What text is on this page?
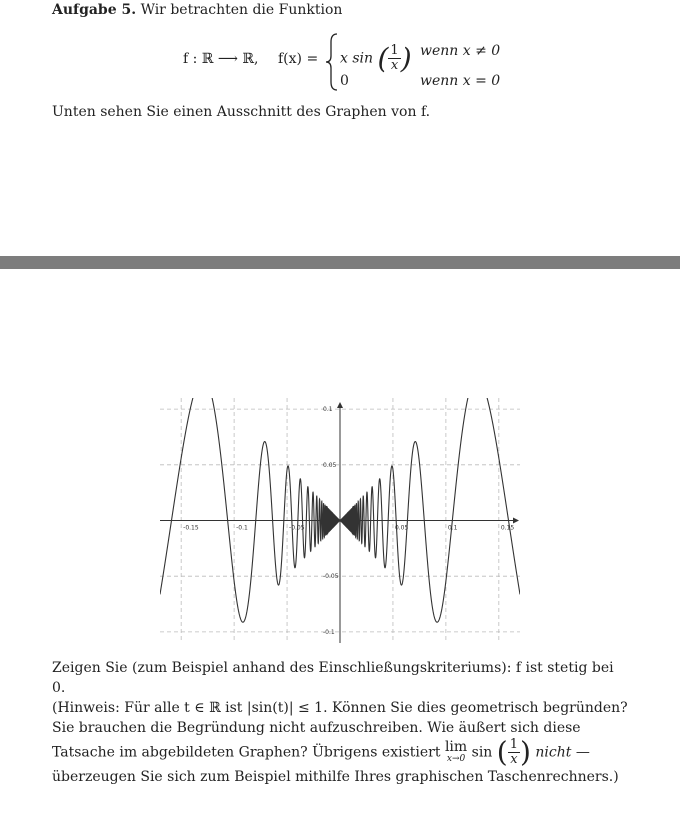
Aufgabe 5. Wir betrachten die Funktion
f : ℝ ⟶ ℝ, f(x) = x sin ( $\frac{1}{x}$) wenn x ≠ 0
0	wenn x = 0
Unten sehen Sie einen Ausschnitt des Graphen von f.
-0.15	-0.1	-0.05	0.05	0.1	0.15
0.1
0.05
-0.05
-0.1

Zeigen Sie (zum Beispiel anhand des Einschließungskriteriums): f ist stetig bei 0.

(Hinweis: Für alle t ∈ ℝ ist |sin(t)| ≤ 1. Können Sie dies geometrisch begründen? Sie brauchen die Begründung nicht aufzuschreiben. Wie äußert sich diese Tatsache im abgebildeten Graphen? Übrigens existiert lim
x→0 sin ( $\frac{1}{x}$) nicht — überzeugen Sie sich zum Beispiel mithilfe Ihres graphischen Taschenrechners.)
